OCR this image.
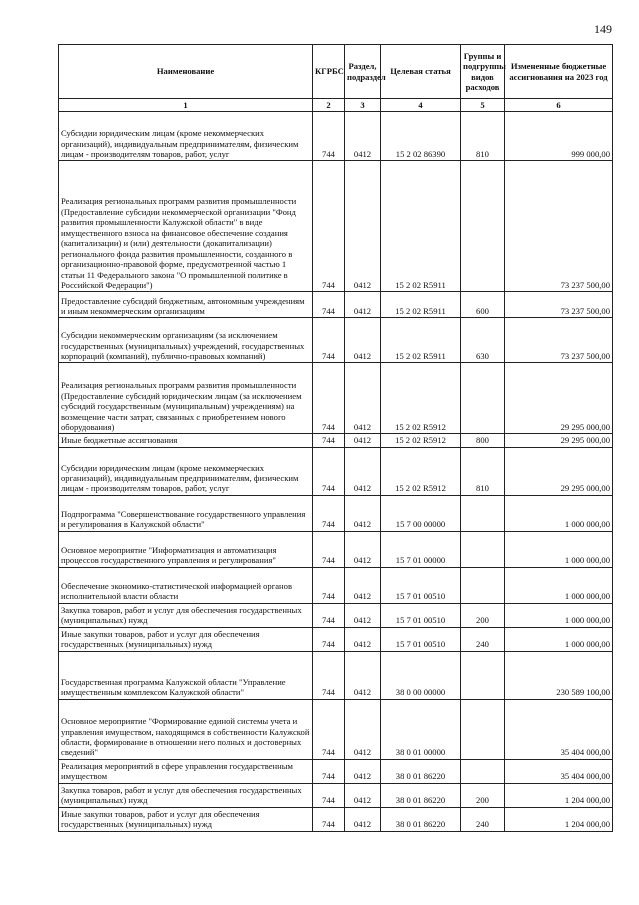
149
Наименование	КГРБС	Раздел, подраздел	Целевая статья	Группы и подгруппы видов расходов	Измененные бюджетные ассигнования на 2023 год
1	2	3	4	5	6
Субсидии юридическим лицам (кроме некоммерческих организаций), индивидуальным предпринимателям, физическим лицам - производителям товаров, работ, услуг	744	0412	15 2 02 86390	810	999 000,00
Реализация региональных программ развития промышленности (Предоставление субсидии некоммерческой организации "Фонд развития промышленности Калужской области" в виде имущественного взноса на финансовое обеспечение создания (капитализации) и (или) деятельности (докапитализации) регионального фонда развития промышленности, созданного в организационно-правовой форме, предусмотренной частью 1 статьи 11 Федерального закона "О промышленной политике в Российской Федерации")	744	0412	15 2 02 R5911		73 237 500,00
Предоставление субсидий бюджетным, автономным учреждениям и иным некоммерческим организациям	744	0412	15 2 02 R5911	600	73 237 500,00
Субсидии некоммерческим организациям (за исключением государственных (муниципальных) учреждений, государственных корпораций (компаний), публично-правовых компаний)	744	0412	15 2 02 R5911	630	73 237 500,00
Реализация региональных программ развития промышленности (Предоставление субсидий юридическим лицам (за исключением субсидий государственным (муниципальным) учреждениям) на возмещение части затрат, связанных с приобретением нового оборудования)	744	0412	15 2 02 R5912		29 295 000,00
Иные бюджетные ассигнования	744	0412	15 2 02 R5912	800	29 295 000,00
Субсидии юридическим лицам (кроме некоммерческих организаций), индивидуальным предпринимателям, физическим лицам - производителям товаров, работ, услуг	744	0412	15 2 02 R5912	810	29 295 000,00
Подпрограмма "Совершенствование государственного управления и регулирования в Калужской области"	744	0412	15 7 00 00000		1 000 000,00
Основное мероприятие "Информатизация и автоматизация процессов государственного управления и регулирования"	744	0412	15 7 01 00000		1 000 000,00
Обеспечение экономико-статистической информацией органов исполнительной власти области	744	0412	15 7 01 00510		1 000 000,00
Закупка товаров, работ и услуг для обеспечения государственных (муниципальных) нужд	744	0412	15 7 01 00510	200	1 000 000,00
Иные закупки товаров, работ и услуг для обеспечения государственных (муниципальных) нужд	744	0412	15 7 01 00510	240	1 000 000,00
Государственная программа Калужской области "Управление имущественным комплексом Калужской области"	744	0412	38 0 00 00000		230 589 100,00
Основное мероприятие "Формирование единой системы учета и управления имуществом, находящимся в собственности Калужской области, формирование в отношении него полных и достоверных сведений"	744	0412	38 0 01 00000		35 404 000,00
Реализация мероприятий в сфере управления государственным имуществом	744	0412	38 0 01 86220		35 404 000,00
Закупка товаров, работ и услуг для обеспечения государственных (муниципальных) нужд	744	0412	38 0 01 86220	200	1 204 000,00
Иные закупки товаров, работ и услуг для обеспечения государственных (муниципальных) нужд	744	0412	38 0 01 86220	240	1 204 000,00
